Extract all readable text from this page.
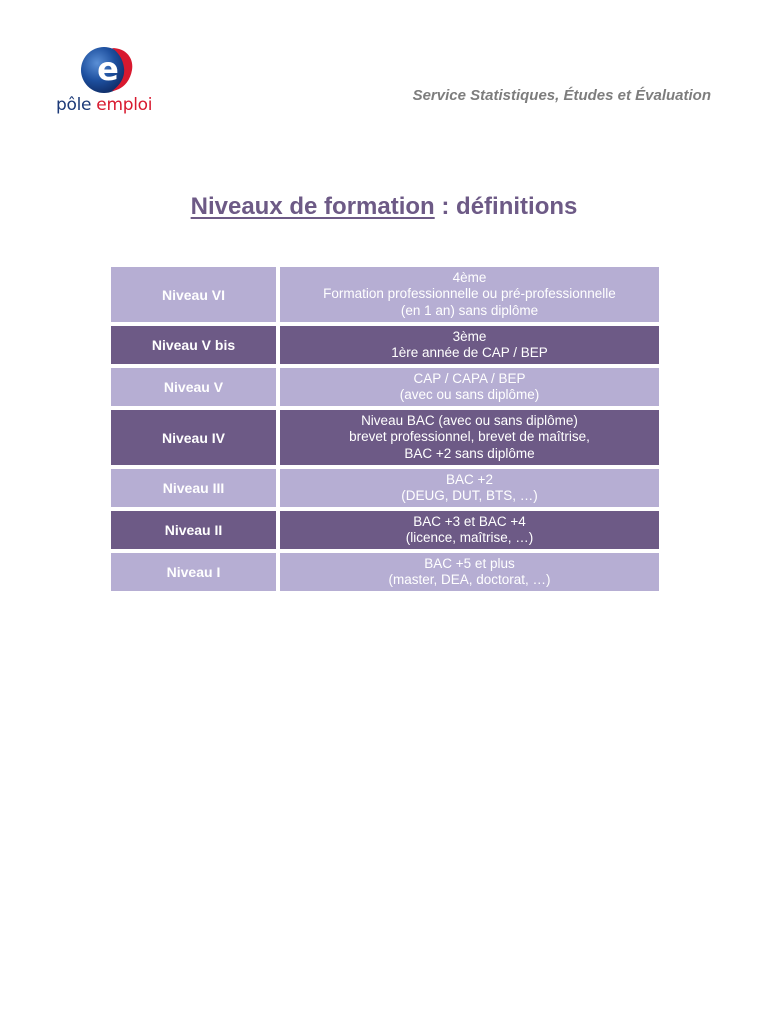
e
pôle emploi	Service Statistiques, Études et Évaluation
Niveaux de formation : définitions
Niveau VI
4ème
Formation professionnelle ou pré-professionnelle
(en 1 an) sans diplôme
Niveau V bis
3ème
1ère année de CAP / BEP
Niveau V
CAP / CAPA / BEP
(avec ou sans diplôme)
Niveau IV
Niveau BAC (avec ou sans diplôme)
brevet professionnel, brevet de maîtrise,
BAC +2 sans diplôme
Niveau III
BAC +2
(DEUG, DUT, BTS, …)
Niveau II
BAC +3 et BAC +4
(licence, maîtrise, …)
Niveau I
BAC +5 et plus
(master, DEA, doctorat, …)
